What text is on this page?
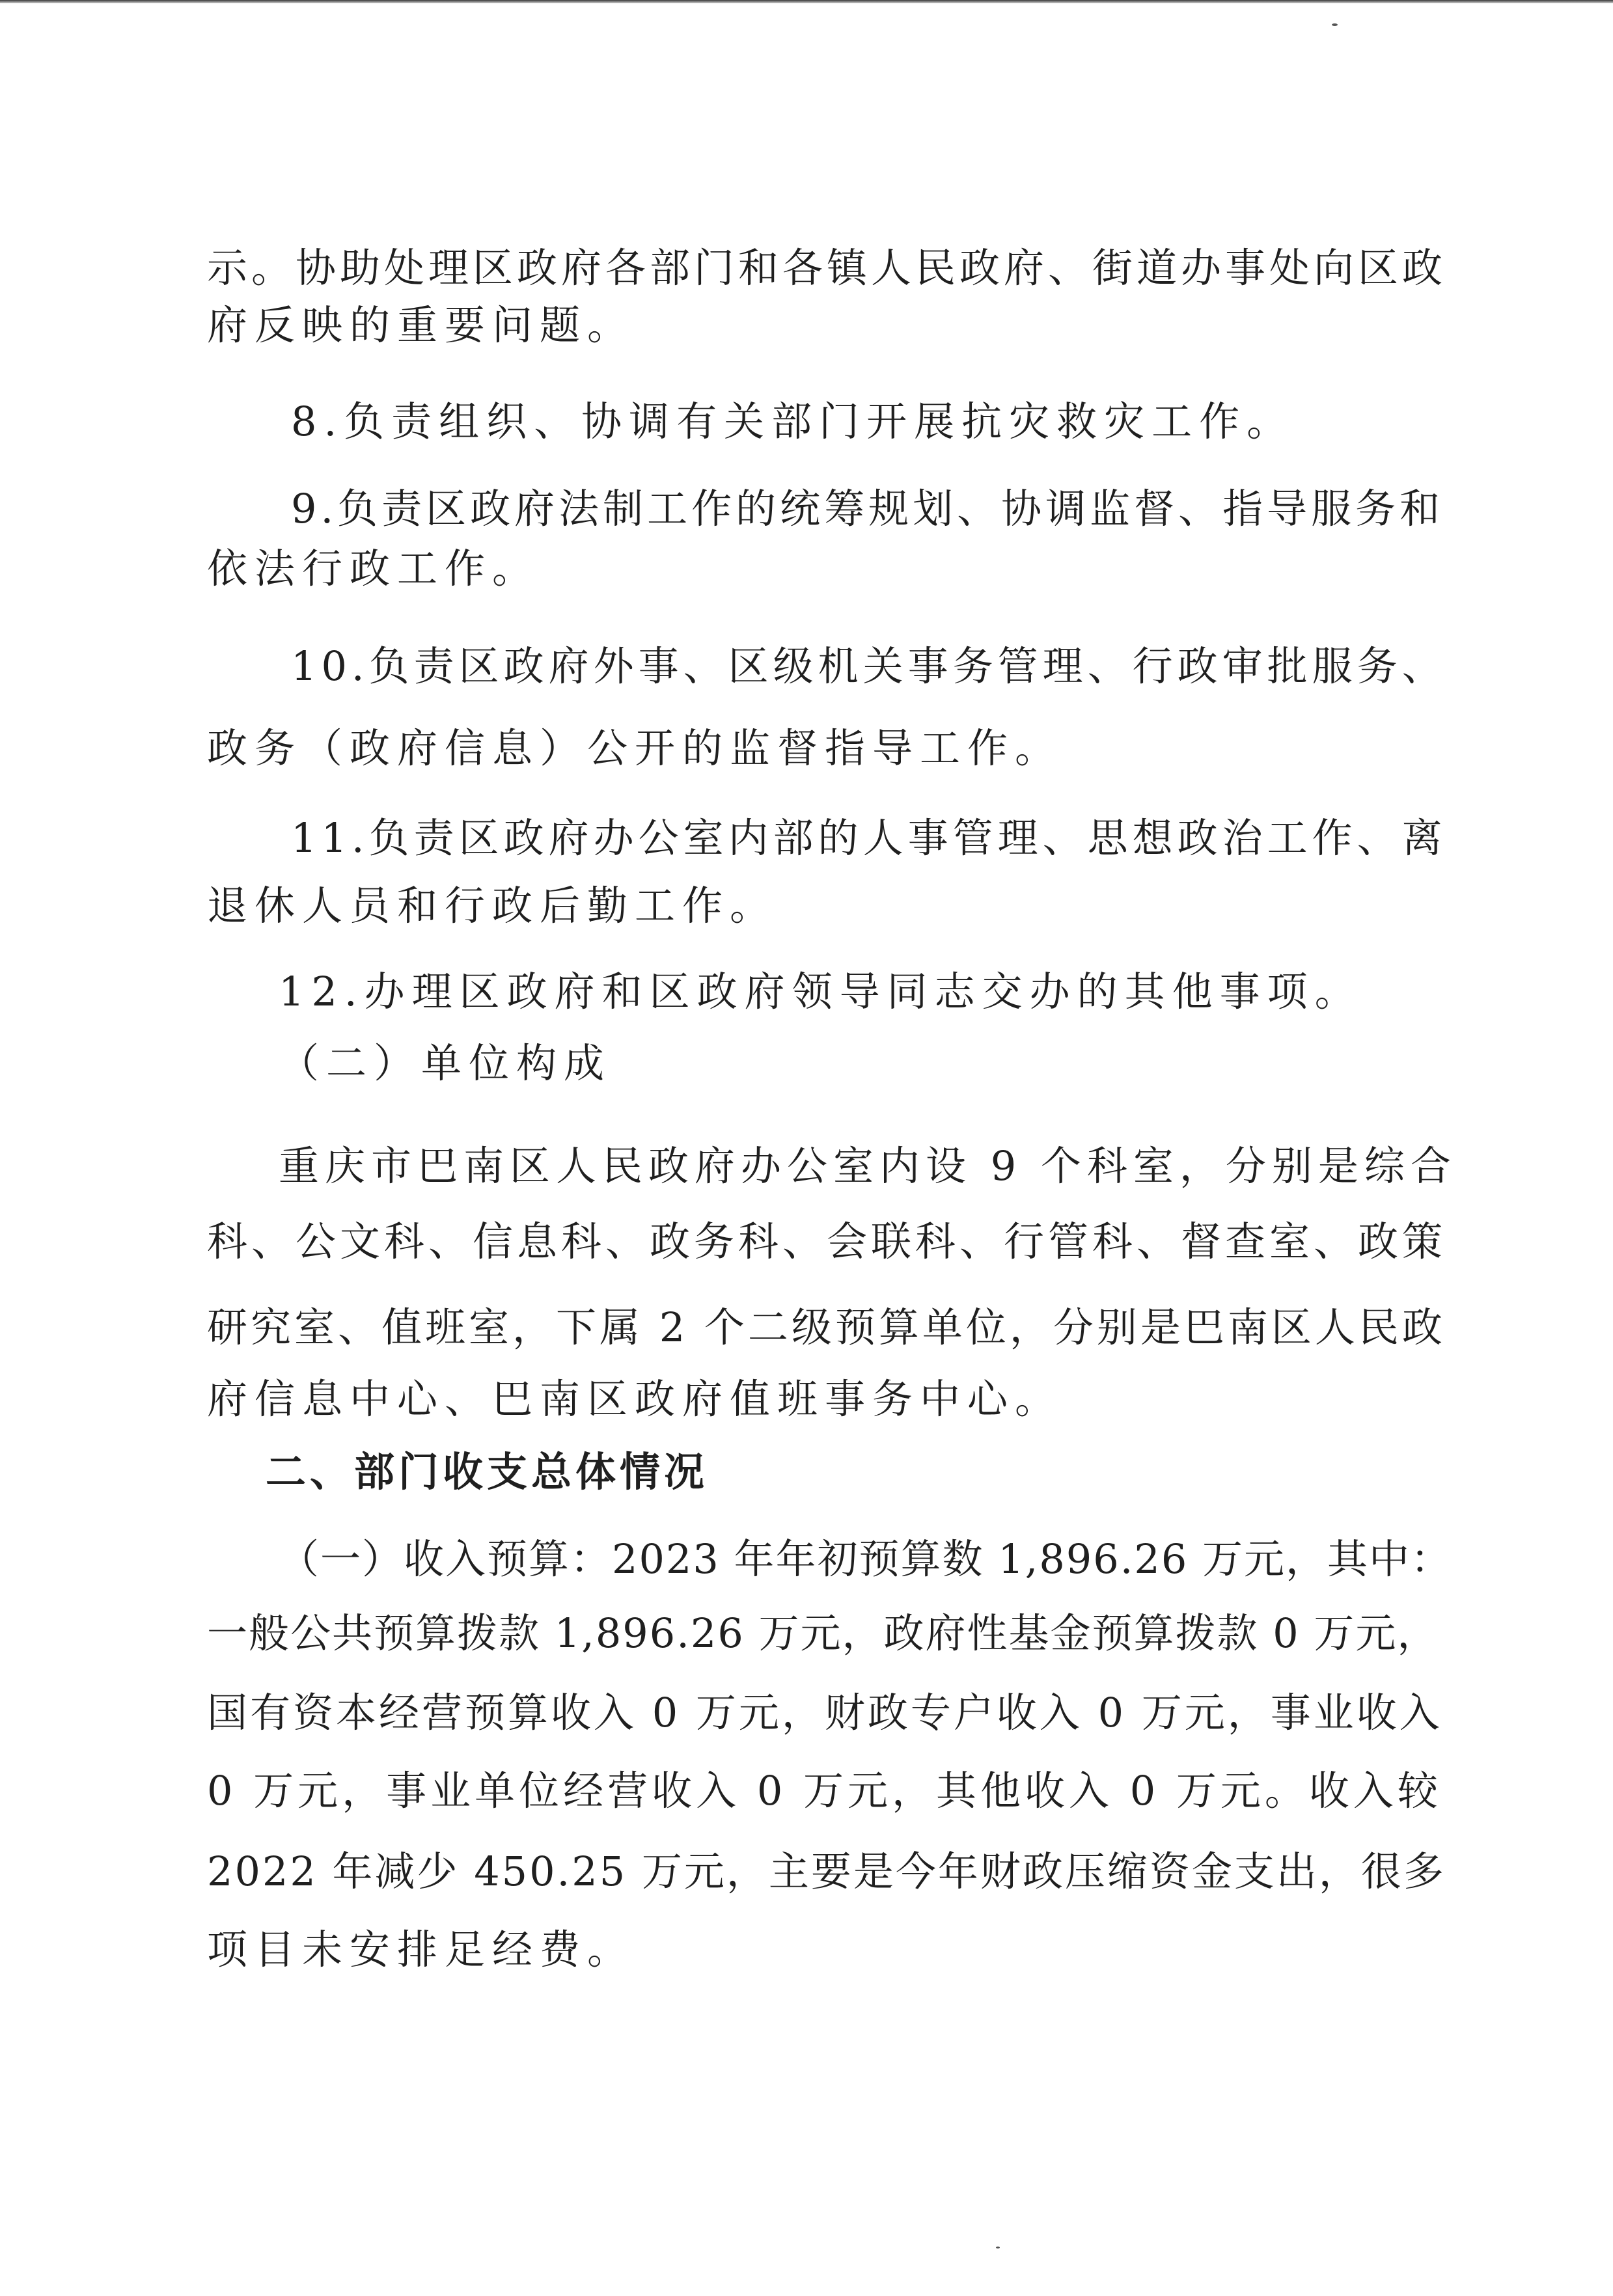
示。协助处理区政府各部门和各镇人民政府、街道办事处向区政
府反映的重要问题。
8.负责组织、协调有关部门开展抗灾救灾工作。
9.负责区政府法制工作的统筹规划、协调监督、指导服务和
依法行政工作。
10.负责区政府外事、区级机关事务管理、行政审批服务、
政务（政府信息）公开的监督指导工作。
11.负责区政府办公室内部的人事管理、思想政治工作、离
退休人员和行政后勤工作。
12.办理区政府和区政府领导同志交办的其他事项。
（二）单位构成
重庆市巴南区人民政府办公室内设 9 个科室，分别是综合
科、公文科、信息科、政务科、会联科、行管科、督查室、政策
研究室、值班室，下属 2 个二级预算单位，分别是巴南区人民政
府信息中心、巴南区政府值班事务中心。
二、部门收支总体情况
（一）收入预算：2023 年年初预算数 1,896.26 万元，其中：
一般公共预算拨款 1,896.26 万元，政府性基金预算拨款 0 万元，
国有资本经营预算收入 0 万元，财政专户收入 0 万元，事业收入
0 万元，事业单位经营收入 0 万元，其他收入 0 万元。收入较
2022 年减少 450.25 万元，主要是今年财政压缩资金支出，很多
项目未安排足经费。
